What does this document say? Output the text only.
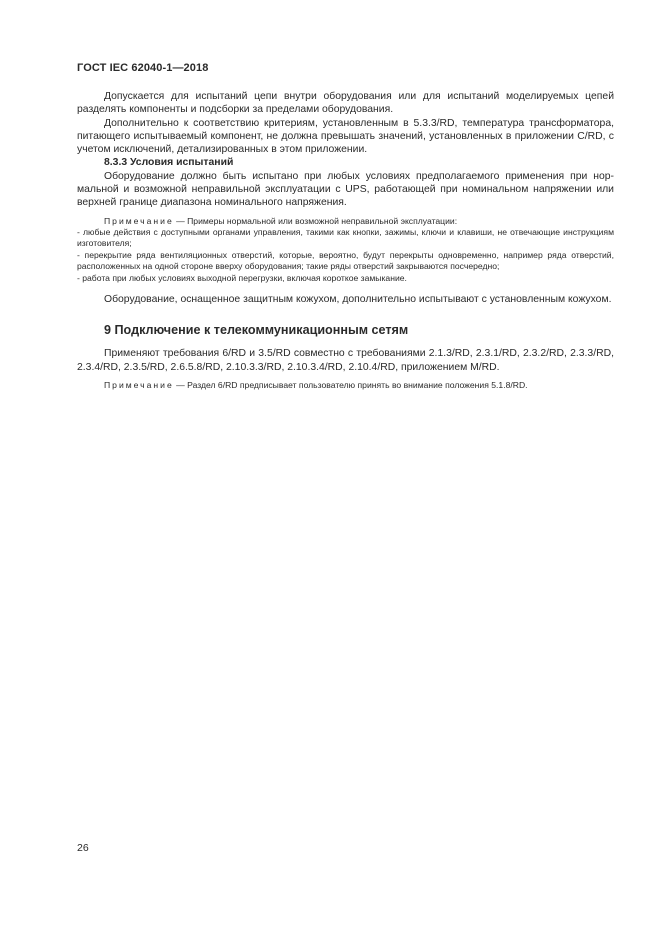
ГОСТ IEC 62040-1—2018

Допускается для испытаний цепи внутри оборудования или для испытаний моделируемых цепей разделять компоненты и подсборки за пределами оборудования.

Дополнительно к соответствию критериям, установленным в 5.3.3/RD, температура трансформатора, питающего испытываемый компонент, не должна превышать значений, установленных в приложении C/RD, с учетом исключений, детализированных в этом приложении.

8.3.3 Условия испытаний

Оборудование должно быть испытано при любых условиях предполагаемого применения при нормальной и возможной неправильной эксплуатации с UPS, работающей при номинальном напряжении или верхней границе диапазона номинального напряжения.

Примечание — Примеры нормальной или возможной неправильной эксплуатации:

- любые действия с доступными органами управления, такими как кнопки, зажимы, ключи и клавиши, не отвечающие инструкциям изготовителя;

- перекрытие ряда вентиляционных отверстий, которые, вероятно, будут перекрыты одновременно, например ряда отверстий, расположенных на одной стороне вверху оборудования; такие ряды отверстий закрываются посчередно;

- работа при любых условиях выходной перегрузки, включая короткое замыкание.

Оборудование, оснащенное защитным кожухом, дополнительно испытывают с установленным кожухом.

9 Подключение к телекоммуникационным сетям

Применяют требования 6/RD и 3.5/RD совместно с требованиями 2.1.3/RD, 2.3.1/RD, 2.3.2/RD, 2.3.3/RD, 2.3.4/RD, 2.3.5/RD, 2.6.5.8/RD, 2.10.3.3/RD, 2.10.3.4/RD, 2.10.4/RD, приложением M/RD.

Примечание — Раздел 6/RD предписывает пользователю принять во внимание положения 5.1.8/RD.

26
